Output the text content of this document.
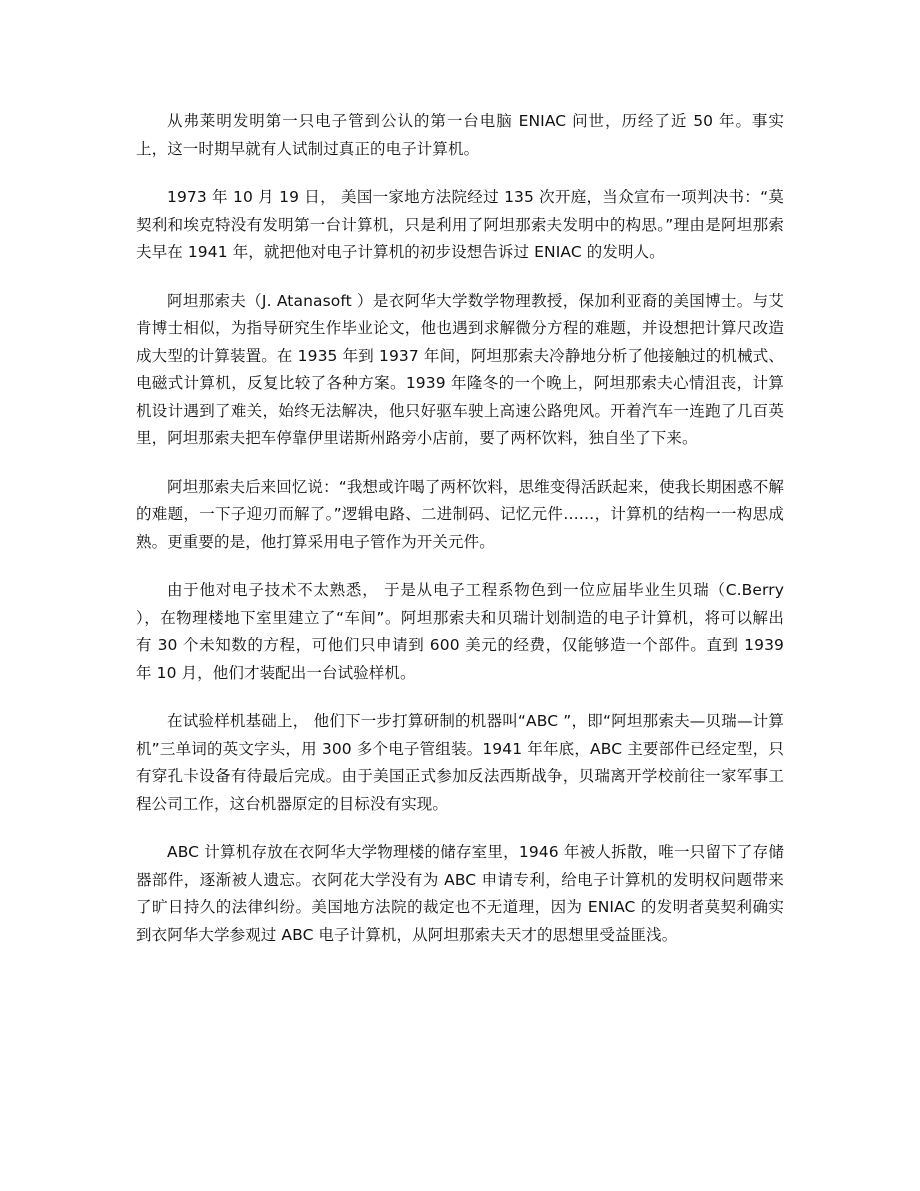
从弗莱明发明第一只电子管到公认的第一台电脑 ENIAC 问世，历经了近 50 年。事实上，这一时期早就有人试制过真正的电子计算机。

1973 年 10 月 19 日， 美国一家地方法院经过 135 次开庭，当众宣布一项判决书：“莫契利和埃克特没有发明第一台计算机，只是利用了阿坦那索夫发明中的构思。”理由是阿坦那索夫早在 1941 年，就把他对电子计算机的初步设想告诉过 ENIAC 的发明人。

阿坦那索夫（J. Atanasoft ）是衣阿华大学数学物理教授，保加利亚裔的美国博士。与艾肯博士相似，为指导研究生作毕业论文，他也遇到求解微分方程的难题，并设想把计算尺改造成大型的计算装置。在 1935 年到 1937 年间，阿坦那索夫冷静地分析了他接触过的机械式、电磁式计算机，反复比较了各种方案。1939 年隆冬的一个晚上，阿坦那索夫心情沮丧，计算机设计遇到了难关，始终无法解决，他只好驱车驶上高速公路兜风。开着汽车一连跑了几百英里，阿坦那索夫把车停靠伊里诺斯州路旁小店前，要了两杯饮料，独自坐了下来。

阿坦那索夫后来回忆说：“我想或许喝了两杯饮料，思维变得活跃起来，使我长期困惑不解的难题，一下子迎刃而解了。”逻辑电路、二进制码、记忆元件……，计算机的结构一一构思成熟。更重要的是，他打算采用电子管作为开关元件。

由于他对电子技术不太熟悉， 于是从电子工程系物色到一位应届毕业生贝瑞（C.Berry ），在物理楼地下室里建立了“车间”。阿坦那索夫和贝瑞计划制造的电子计算机，将可以解出有 30 个未知数的方程，可他们只申请到 600 美元的经费，仅能够造一个部件。直到 1939 年 10 月，他们才装配出一台试验样机。

在试验样机基础上， 他们下一步打算研制的机器叫“ABC ”，即“阿坦那索夫—贝瑞—计算机”三单词的英文字头，用 300 多个电子管组装。1941 年年底，ABC 主要部件已经定型，只有穿孔卡设备有待最后完成。由于美国正式参加反法西斯战争，贝瑞离开学校前往一家军事工程公司工作，这台机器原定的目标没有实现。

ABC 计算机存放在衣阿华大学物理楼的储存室里，1946 年被人拆散，唯一只留下了存储器部件，逐渐被人遗忘。衣阿花大学没有为 ABC 申请专利，给电子计算机的发明权问题带来了旷日持久的法律纠纷。美国地方法院的裁定也不无道理，因为 ENIAC 的发明者莫契利确实到衣阿华大学参观过 ABC 电子计算机，从阿坦那索夫天才的思想里受益匪浅。
